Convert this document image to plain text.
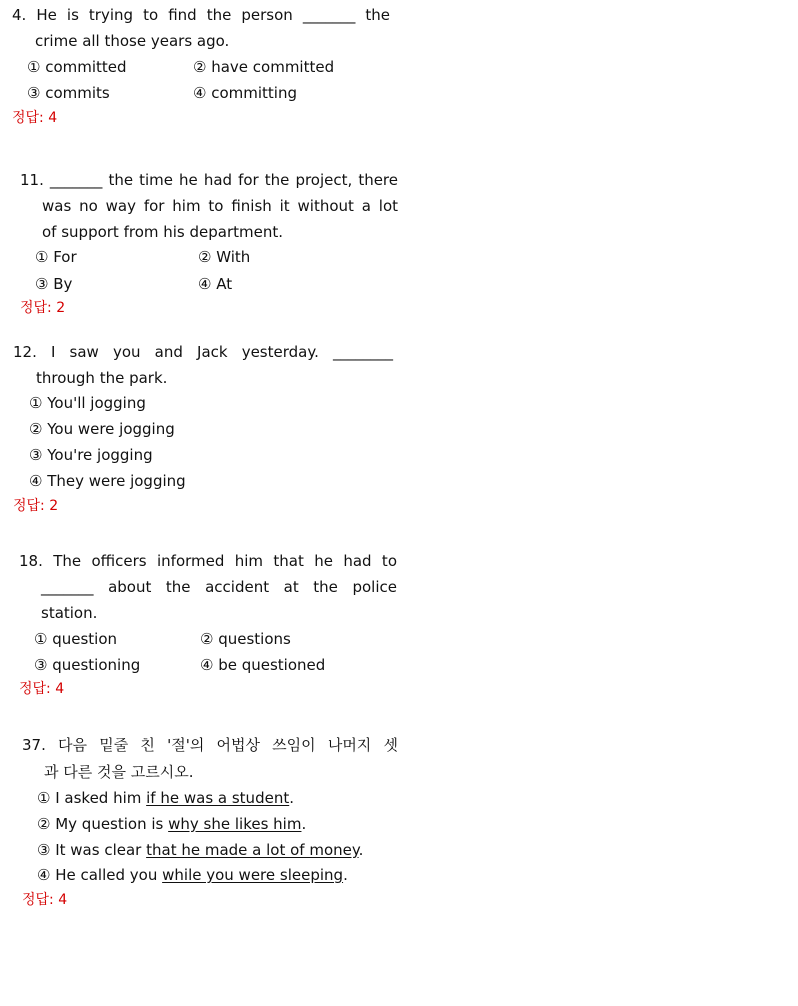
4. He is trying to find the person _______ the
crime all those years ago.
① committed	② have committed
③ commits	④ committing
정답: 4
11. _______ the time he had for the project, there
was no way for him to finish it without a lot
of support from his department.
① For	② With
③ By	④ At
정답: 2
12. I saw you and Jack yesterday. ________
through the park.
① You'll jogging
② You were jogging
③ You're jogging
④ They were jogging
정답: 2
18. The officers informed him that he had to
_______ about the accident at the police
station.
① question	② questions
③ questioning	④ be questioned
정답: 4
37. 다음 밑줄 친 '절'의 어법상 쓰임이 나머지 셋
과 다른 것을 고르시오.
① I asked him if he was a student.
② My question is why she likes him.
③ It was clear that he made a lot of money.
④ He called you while you were sleeping.
정답: 4
